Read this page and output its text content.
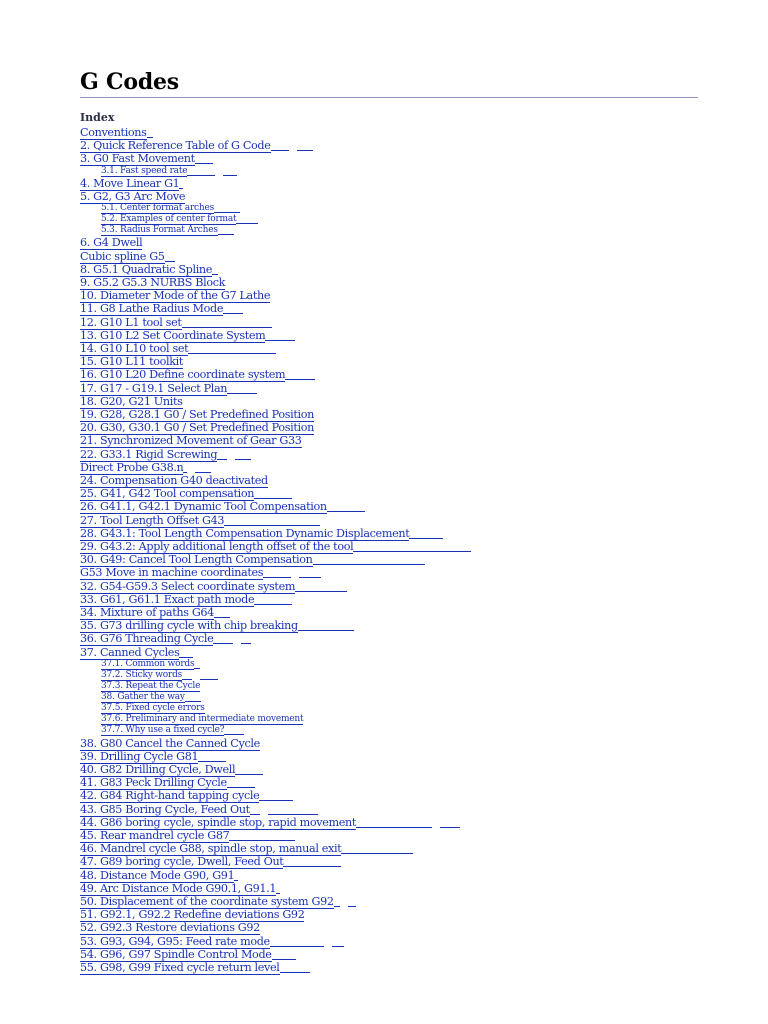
G Codes
Index
Conventions
2. Quick Reference Table of G Code
3. G0 Fast Movement
3.1. Fast speed rate
4. Move Linear G1
5. G2, G3 Arc Move
5.1. Center format arches
5.2. Examples of center format
5.3. Radius Format Arches
6. G4 Dwell
Cubic spline G5
8. G5.1 Quadratic Spline
9. G5.2 G5.3 NURBS Block
10. Diameter Mode of the G7 Lathe
11. G8 Lathe Radius Mode
12. G10 L1 tool set
13. G10 L2 Set Coordinate System
14. G10 L10 tool set
15. G10 L11 toolkit
16. G10 L20 Define coordinate system
17. G17 - G19.1 Select Plan
18. G20, G21 Units
19. G28, G28.1 G0 / Set Predefined Position
20. G30, G30.1 G0 / Set Predefined Position
21. Synchronized Movement of Gear G33
22. G33.1 Rigid Screwing
Direct Probe G38.n
24. Compensation G40 deactivated
25. G41, G42 Tool compensation
26. G41.1, G42.1 Dynamic Tool Compensation
27. Tool Length Offset G43
28. G43.1: Tool Length Compensation Dynamic Displacement
29. G43.2: Apply additional length offset of the tool
30. G49: Cancel Tool Length Compensation
G53 Move in machine coordinates
32. G54-G59.3 Select coordinate system
33. G61, G61.1 Exact path mode
34. Mixture of paths G64
35. G73 drilling cycle with chip breaking
36. G76 Threading Cycle
37. Canned Cycles
37.1. Common words
37.2. Sticky words
37.3. Repeat the Cycle
38. Gather the way
37.5. Fixed cycle errors
37.6. Preliminary and intermediate movement
37.7. Why use a fixed cycle?
38. G80 Cancel the Canned Cycle
39. Drilling Cycle G81
40. G82 Drilling Cycle, Dwell
41. G83 Peck Drilling Cycle
42. G84 Right-hand tapping cycle
43. G85 Boring Cycle, Feed Out
44. G86 boring cycle, spindle stop, rapid movement
45. Rear mandrel cycle G87
46. Mandrel cycle G88, spindle stop, manual exit
47. G89 boring cycle, Dwell, Feed Out
48. Distance Mode G90, G91
49. Arc Distance Mode G90.1, G91.1
50. Displacement of the coordinate system G92
51. G92.1, G92.2 Redefine deviations G92
52. G92.3 Restore deviations G92
53. G93, G94, G95: Feed rate mode
54. G96, G97 Spindle Control Mode
55. G98, G99 Fixed cycle return level
